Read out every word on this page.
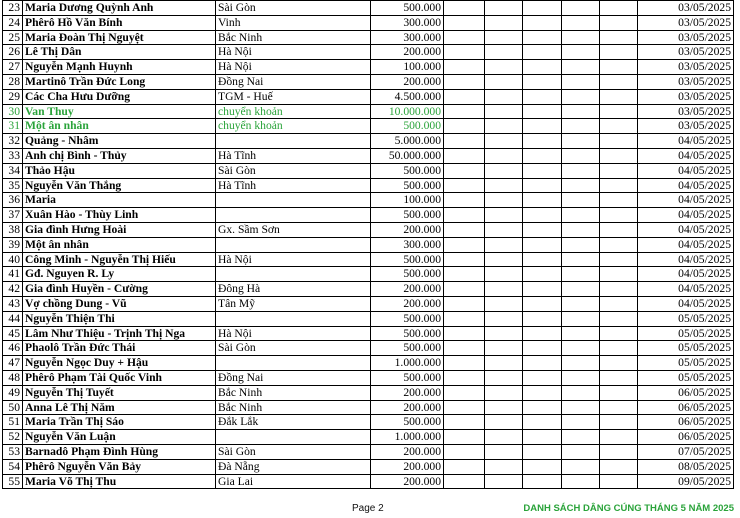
23	Maria Dương Quỳnh Anh	Sài Gòn	500.000						03/05/2025
24	Phêrô Hồ Văn Bính	Vinh	300.000						03/05/2025
25	Maria Đoàn Thị Nguyệt	Bắc Ninh	300.000						03/05/2025
26	Lê Thị Dân	Hà Nội	200.000						03/05/2025
27	Nguyễn Mạnh Huynh	Hà Nội	100.000						03/05/2025
28	Martinô Trần Đức Long	Đồng Nai	200.000						03/05/2025
29	Các Cha Hưu Dưỡng	TGM - Huế	4.500.000						03/05/2025
30	Van Thuy	chuyển khoản	10.000.000						03/05/2025
31	Một ân nhân	chuyển khoản	500.000						03/05/2025
32	Quảng - Nhâm		5.000.000						04/05/2025
33	Anh chị Bình - Thủy	Hà Tĩnh	50.000.000						04/05/2025
34	Thảo Hậu	Sài Gòn	500.000						04/05/2025
35	Nguyễn Văn Thắng	Hà Tĩnh	500.000						04/05/2025
36	Maria		100.000						04/05/2025
37	Xuân Hào - Thùy Linh		500.000						04/05/2025
38	Gia đình Hưng Hoài	Gx. Sầm Sơn	200.000						04/05/2025
39	Một ân nhân		300.000						04/05/2025
40	Công Minh - Nguyễn Thị Hiếu	Hà Nội	500.000						04/05/2025
41	Gđ. Nguyen R. Ly		500.000						04/05/2025
42	Gia đình Huyền - Cường	Đông Hà	200.000						04/05/2025
43	Vợ chồng Dung - Vũ	Tân Mỹ	200.000						04/05/2025
44	Nguyễn Thiện Thi		500.000						05/05/2025
45	Lâm Như Thiệu - Trịnh Thị Nga	Hà Nội	500.000						05/05/2025
46	Phaolô Trần Đức Thái	Sài Gòn	500.000						05/05/2025
47	Nguyễn Ngọc Duy + Hậu		1.000.000						05/05/2025
48	Phêrô Phạm Tài Quốc Vinh	Đồng Nai	500.000						05/05/2025
49	Nguyễn Thị Tuyết	Bắc Ninh	200.000						06/05/2025
50	Anna Lê Thị Năm	Bắc Ninh	200.000						06/05/2025
51	Maria Trần Thị Sáo	Đắk Lắk	500.000						06/05/2025
52	Nguyễn Văn Luận		1.000.000						06/05/2025
53	Barnadô Phạm Đình Hùng	Sài Gòn	200.000						07/05/2025
54	Phêrô Nguyễn Văn Bảy	Đà Nẵng	200.000						08/05/2025
55	Maria Võ Thị Thu	Gia Lai	200.000						09/05/2025
Page 2	DANH SÁCH DÂNG CÚNG THÁNG 5 NĂM 2025
